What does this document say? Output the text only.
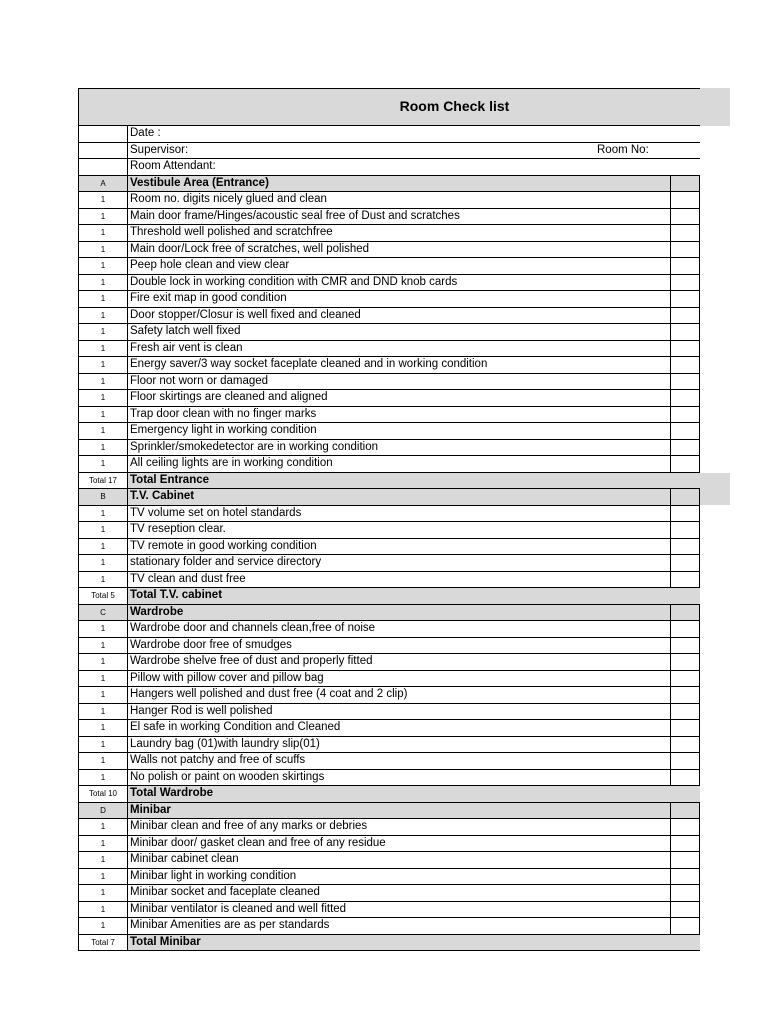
Room Check list
Date :
Supervisor:	Room No:
Room Attendant:
A	Vestibule Area (Entrance)
1	Room no. digits nicely glued and clean
1	Main door frame/Hinges/acoustic seal free of Dust and scratches
1	Threshold well polished and scratchfree
1	Main door/Lock free of scratches, well polished
1	Peep hole clean and view clear
1	Double lock in working condition with CMR and DND knob cards
1	Fire exit map in good condition
1	Door stopper/Closur is well fixed and cleaned
1	Safety latch well fixed
1	Fresh air vent is clean
1	Energy saver/3 way socket faceplate cleaned and in working condition
1	Floor not worn or damaged
1	Floor skirtings are cleaned and aligned
1	Trap door clean with no finger marks
1	Emergency light in working condition
1	Sprinkler/smokedetector are in working condition
1	All ceiling lights are in working condition
Total 17	Total Entrance
B	T.V. Cabinet
1	TV volume set on hotel standards
1	TV reseption clear.
1	TV remote in good working condition
1	stationary folder and service directory
1	TV clean and dust free
Total 5	Total T.V. cabinet
C	Wardrobe
1	Wardrobe door and channels clean,free of noise
1	Wardrobe door free of smudges
1	Wardrobe shelve free of dust and properly fitted
1	Pillow with pillow cover and pillow bag
1	Hangers well polished and dust free (4 coat and 2 clip)
1	Hanger Rod is well polished
1	El safe in working Condition and Cleaned
1	Laundry bag (01)with laundry slip(01)
1	Walls not patchy and free of scuffs
1	No polish or paint on wooden skirtings
Total 10	Total Wardrobe
D	Minibar
1	Minibar clean and free of any marks or debries
1	Minibar door/ gasket clean and free of any residue
1	Minibar cabinet clean
1	Minibar light in working condition
1	Minibar socket and faceplate cleaned
1	Minibar ventilator is cleaned and well fitted
1	Minibar Amenities are as per standards
Total 7	Total Minibar
